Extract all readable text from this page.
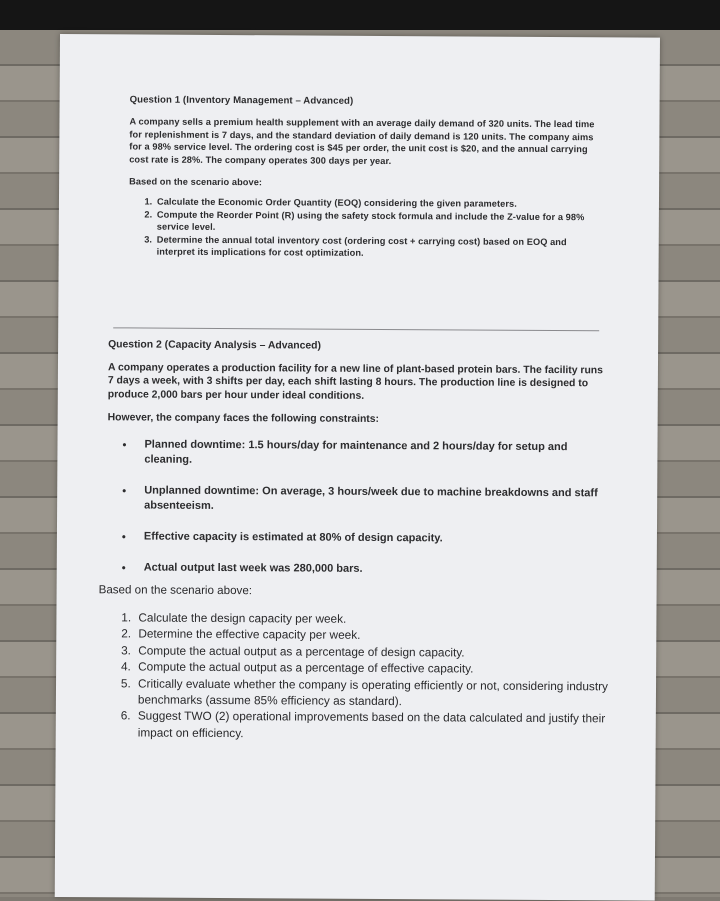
Question 1 (Inventory Management – Advanced)

A company sells a premium health supplement with an average daily demand of 320 units. The lead time for replenishment is 7 days, and the standard deviation of daily demand is 120 units. The company aims for a 98% service level. The ordering cost is $45 per order, the unit cost is $20, and the annual carrying cost rate is 28%. The company operates 300 days per year.

Based on the scenario above:

1. Calculate the Economic Order Quantity (EOQ) considering the given parameters.
2. Compute the Reorder Point (R) using the safety stock formula and include the Z-value for a 98% service level.
3. Determine the annual total inventory cost (ordering cost + carrying cost) based on EOQ and interpret its implications for cost optimization.
Question 2 (Capacity Analysis – Advanced)

A company operates a production facility for a new line of plant-based protein bars. The facility runs 7 days a week, with 3 shifts per day, each shift lasting 8 hours. The production line is designed to produce 2,000 bars per hour under ideal conditions.

However, the company faces the following constraints:

• Planned downtime: 1.5 hours/day for maintenance and 2 hours/day for setup and cleaning.
• Unplanned downtime: On average, 3 hours/week due to machine breakdowns and staff absenteeism.
• Effective capacity is estimated at 80% of design capacity.
• Actual output last week was 280,000 bars.

Based on the scenario above:

1. Calculate the design capacity per week.
2. Determine the effective capacity per week.
3. Compute the actual output as a percentage of design capacity.
4. Compute the actual output as a percentage of effective capacity.
5. Critically evaluate whether the company is operating efficiently or not, considering industry benchmarks (assume 85% efficiency as standard).
6. Suggest TWO (2) operational improvements based on the data calculated and justify their impact on efficiency.
